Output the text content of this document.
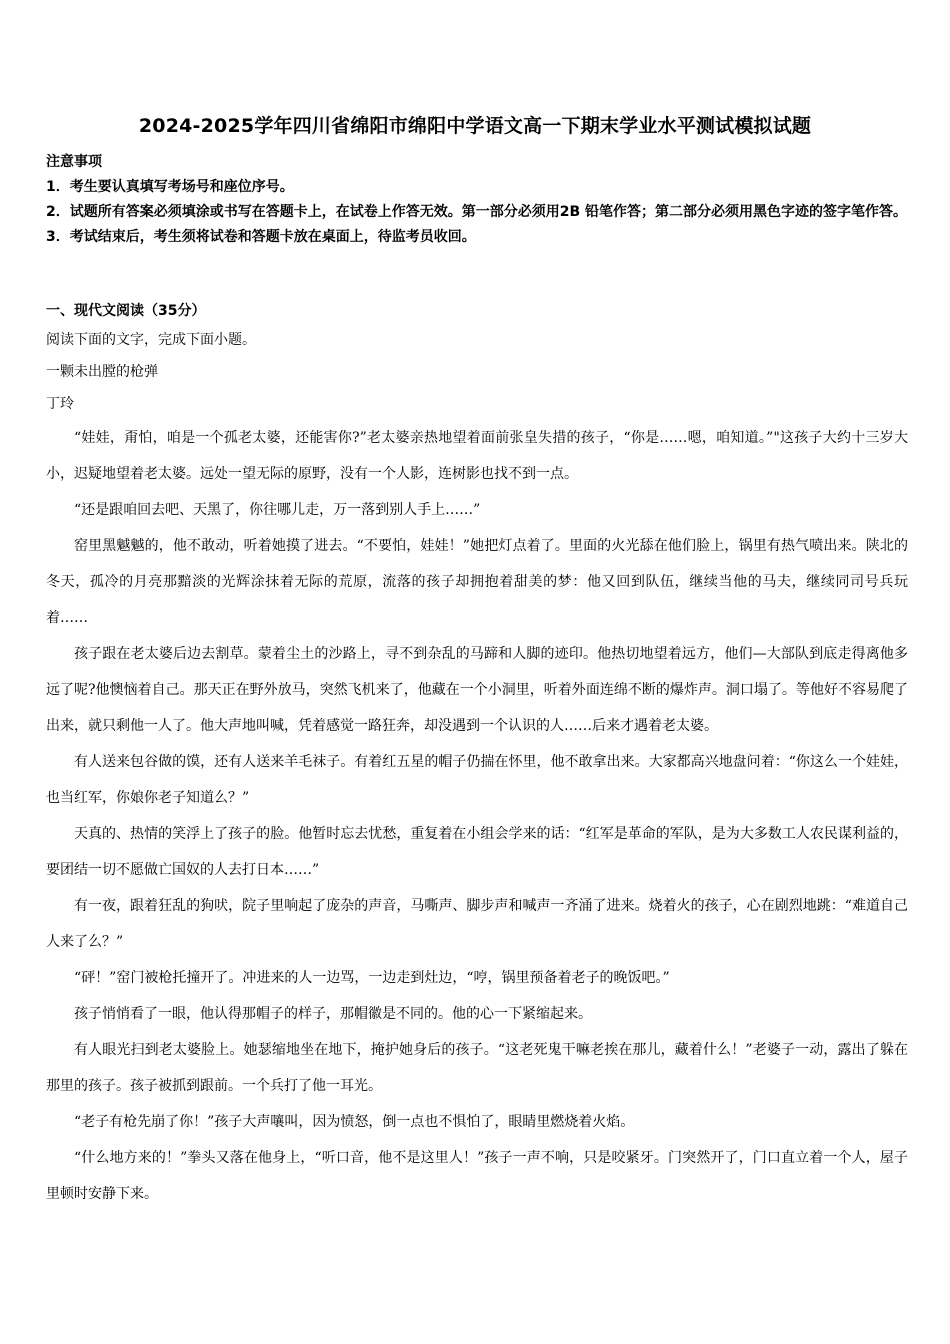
2024-2025学年四川省绵阳市绵阳中学语文高一下期末学业水平测试模拟试题
注意事项
1．考生要认真填写考场号和座位序号。
2．试题所有答案必须填涂或书写在答题卡上，在试卷上作答无效。第一部分必须用2B 铅笔作答；第二部分必须用黑色字迹的签字笔作答。
3．考试结束后，考生须将试卷和答题卡放在桌面上，待监考员收回。
一、现代文阅读（35分）
阅读下面的文字，完成下面小题。
一颗未出膛的枪弹
丁玲

“娃娃，甭怕，咱是一个孤老太婆，还能害你?”老太婆亲热地望着面前张皇失措的孩子，“你是……嗯，咱知道。”"这孩子大约十三岁大小，迟疑地望着老太婆。远处一望无际的原野，没有一个人影，连树影也找不到一点。

“还是跟咱回去吧、天黑了，你往哪儿走，万一落到别人手上……”

窑里黑魆魆的，他不敢动，听着她摸了进去。“不要怕，娃娃！”她把灯点着了。里面的火光舔在他们脸上，锅里有热气喷出来。陕北的冬天，孤冷的月亮那黯淡的光辉涂抹着无际的荒原，流落的孩子却拥抱着甜美的梦：他又回到队伍，继续当他的马夫，继续同司号兵玩着……

孩子跟在老太婆后边去割草。蒙着尘土的沙路上，寻不到杂乱的马蹄和人脚的迹印。他热切地望着远方，他们—大部队到底走得离他多远了呢?他懊恼着自己。那天正在野外放马，突然飞机来了，他藏在一个小洞里，听着外面连绵不断的爆炸声。洞口塌了。等他好不容易爬了出来，就只剩他一人了。他大声地叫喊，凭着感觉一路狂奔，却没遇到一个认识的人……后来才遇着老太婆。

有人送来包谷做的馍，还有人送来羊毛袜子。有着红五星的帽子仍揣在怀里，他不敢拿出来。大家都高兴地盘问着：“你这么一个娃娃，也当红军，你娘你老子知道么？”

天真的、热情的笑浮上了孩子的脸。他暂时忘去忧愁，重复着在小组会学来的话：“红军是革命的军队，是为大多数工人农民谋利益的，要团结一切不愿做亡国奴的人去打日本……”

有一夜，跟着狂乱的狗吠，院子里响起了庞杂的声音，马嘶声、脚步声和喊声一齐涌了进来。烧着火的孩子，心在剧烈地跳：“难道自己人来了么？”

“砰！”窑门被枪托撞开了。冲进来的人一边骂，一边走到灶边，“哼，锅里预备着老子的晚饭吧。”

孩子悄悄看了一眼，他认得那帽子的样子，那帽徽是不同的。他的心一下紧缩起来。

有人眼光扫到老太婆脸上。她瑟缩地坐在地下，掩护她身后的孩子。“这老死鬼干嘛老挨在那儿，藏着什么！”老婆子一动，露出了躲在那里的孩子。孩子被抓到跟前。一个兵打了他一耳光。

“老子有枪先崩了你！”孩子大声嚷叫，因为愤怒，倒一点也不惧怕了，眼睛里燃烧着火焰。

“什么地方来的！”拳头又落在他身上，“听口音，他不是这里人！”孩子一声不响，只是咬紧牙。门突然开了，门口直立着一个人，屋子里顿时安静下来。
